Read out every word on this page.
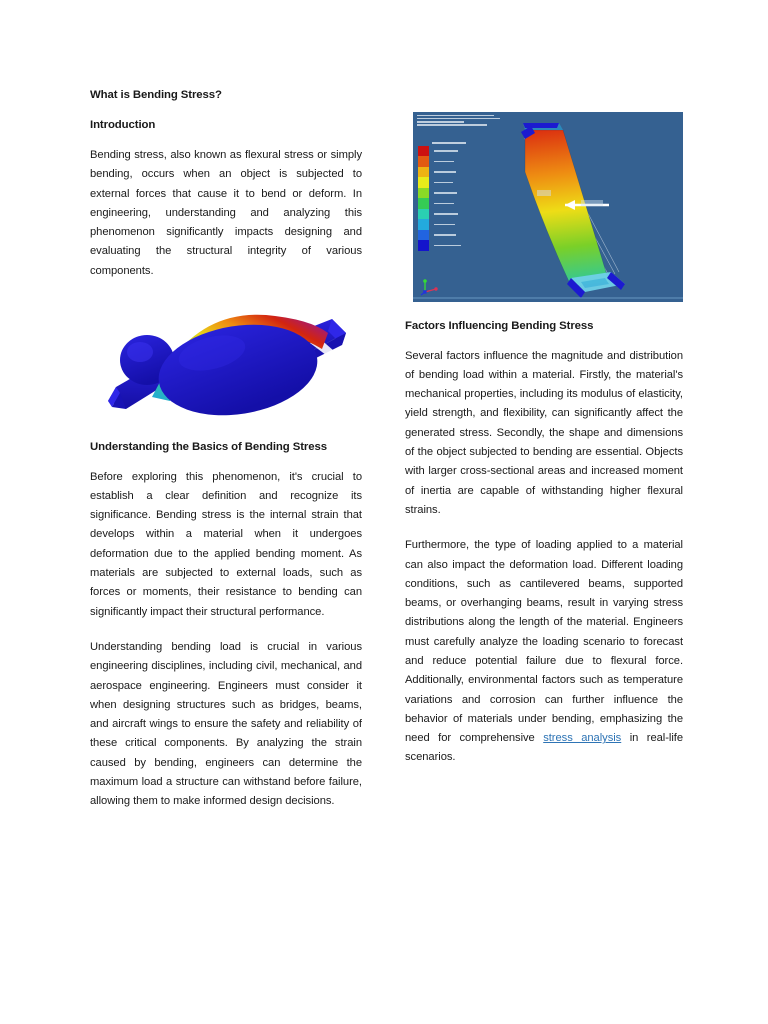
What is Bending Stress?
Introduction

Bending stress, also known as flexural stress or simply bending, occurs when an object is subjected to external forces that cause it to bend or deform. In engineering, understanding and analyzing this phenomenon significantly impacts designing and evaluating the structural integrity of various components.

Understanding the Basics of Bending Stress

Before exploring this phenomenon, it's crucial to establish a clear definition and recognize its significance. Bending stress is the internal strain that develops within a material when it undergoes deformation due to the applied bending moment. As materials are subjected to external loads, such as forces or moments, their resistance to bending can significantly impact their structural performance.

Understanding bending load is crucial in various engineering disciplines, including civil, mechanical, and aerospace engineering. Engineers must consider it when designing structures such as bridges, beams, and aircraft wings to ensure the safety and reliability of these critical components. By analyzing the strain caused by bending, engineers can determine the maximum load a structure can withstand before failure, allowing them to make informed design decisions.

Factors Influencing Bending Stress

Several factors influence the magnitude and distribution of bending load within a material. Firstly, the material's mechanical properties, including its modulus of elasticity, yield strength, and flexibility, can significantly affect the generated stress. Secondly, the shape and dimensions of the object subjected to bending are essential. Objects with larger cross-sectional areas and increased moment of inertia are capable of withstanding higher flexural strains.

Furthermore, the type of loading applied to a material can also impact the deformation load. Different loading conditions, such as cantilevered beams, supported beams, or overhanging beams, result in varying stress distributions along the length of the material. Engineers must carefully analyze the loading scenario to forecast and reduce potential failure due to flexural force. Additionally, environmental factors such as temperature variations and corrosion can further influence the behavior of materials under bending, emphasizing the need for comprehensive stress analysis in real-life scenarios.
